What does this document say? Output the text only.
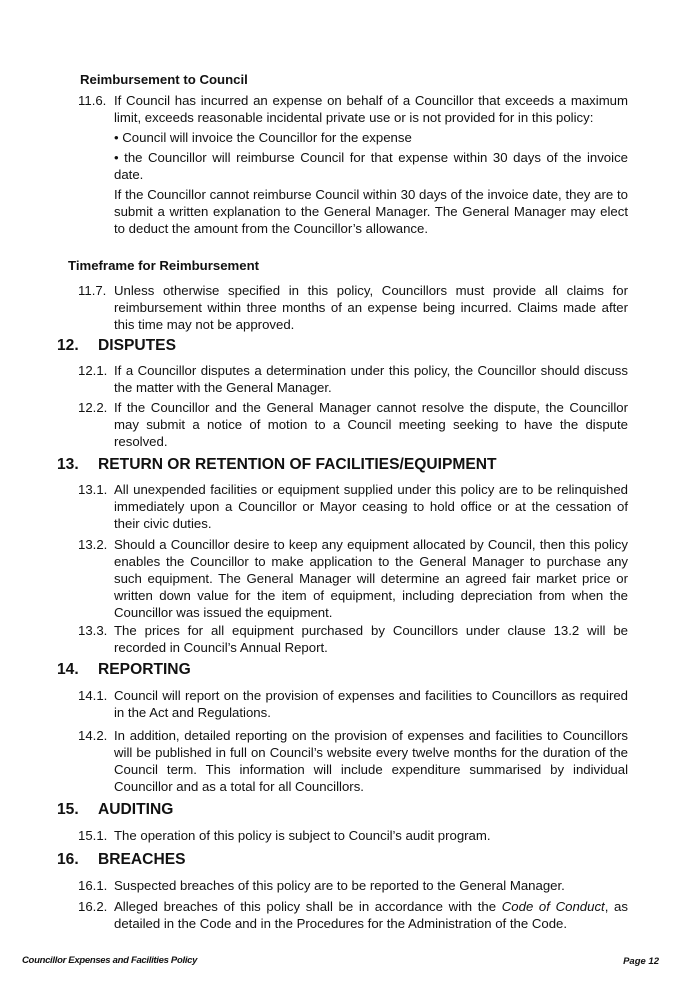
Reimbursement to Council
11.6. If Council has incurred an expense on behalf of a Councillor that exceeds a maximum limit, exceeds reasonable incidental private use or is not provided for in this policy:

• Council will invoice the Councillor for the expense

• the Councillor will reimburse Council for that expense within 30 days of the invoice date.

If the Councillor cannot reimburse Council within 30 days of the invoice date, they are to submit a written explanation to the General Manager. The General Manager may elect to deduct the amount from the Councillor’s allowance.

Timeframe for Reimbursement
11.7. Unless otherwise specified in this policy, Councillors must provide all claims for reimbursement within three months of an expense being incurred. Claims made after this time may not be approved.
12. DISPUTES
12.1. If a Councillor disputes a determination under this policy, the Councillor should discuss the matter with the General Manager.
12.2. If the Councillor and the General Manager cannot resolve the dispute, the Councillor may submit a notice of motion to a Council meeting seeking to have the dispute resolved.
13. RETURN OR RETENTION OF FACILITIES/EQUIPMENT
13.1. All unexpended facilities or equipment supplied under this policy are to be relinquished immediately upon a Councillor or Mayor ceasing to hold office or at the cessation of their civic duties.
13.2. Should a Councillor desire to keep any equipment allocated by Council, then this policy enables the Councillor to make application to the General Manager to purchase any such equipment. The General Manager will determine an agreed fair market price or written down value for the item of equipment, including depreciation from when the Councillor was issued the equipment.
13.3. The prices for all equipment purchased by Councillors under clause 13.2 will be recorded in Council’s Annual Report.
14. REPORTING
14.1. Council will report on the provision of expenses and facilities to Councillors as required in the Act and Regulations.
14.2. In addition, detailed reporting on the provision of expenses and facilities to Councillors will be published in full on Council’s website every twelve months for the duration of the Council term. This information will include expenditure summarised by individual Councillor and as a total for all Councillors.
15. AUDITING
15.1. The operation of this policy is subject to Council’s audit program.
16. BREACHES
16.1. Suspected breaches of this policy are to be reported to the General Manager.
16.2. Alleged breaches of this policy shall be in accordance with the Code of Conduct, as detailed in the Code and in the Procedures for the Administration of the Code.
Councillor Expenses and Facilities Policy	Page 12
